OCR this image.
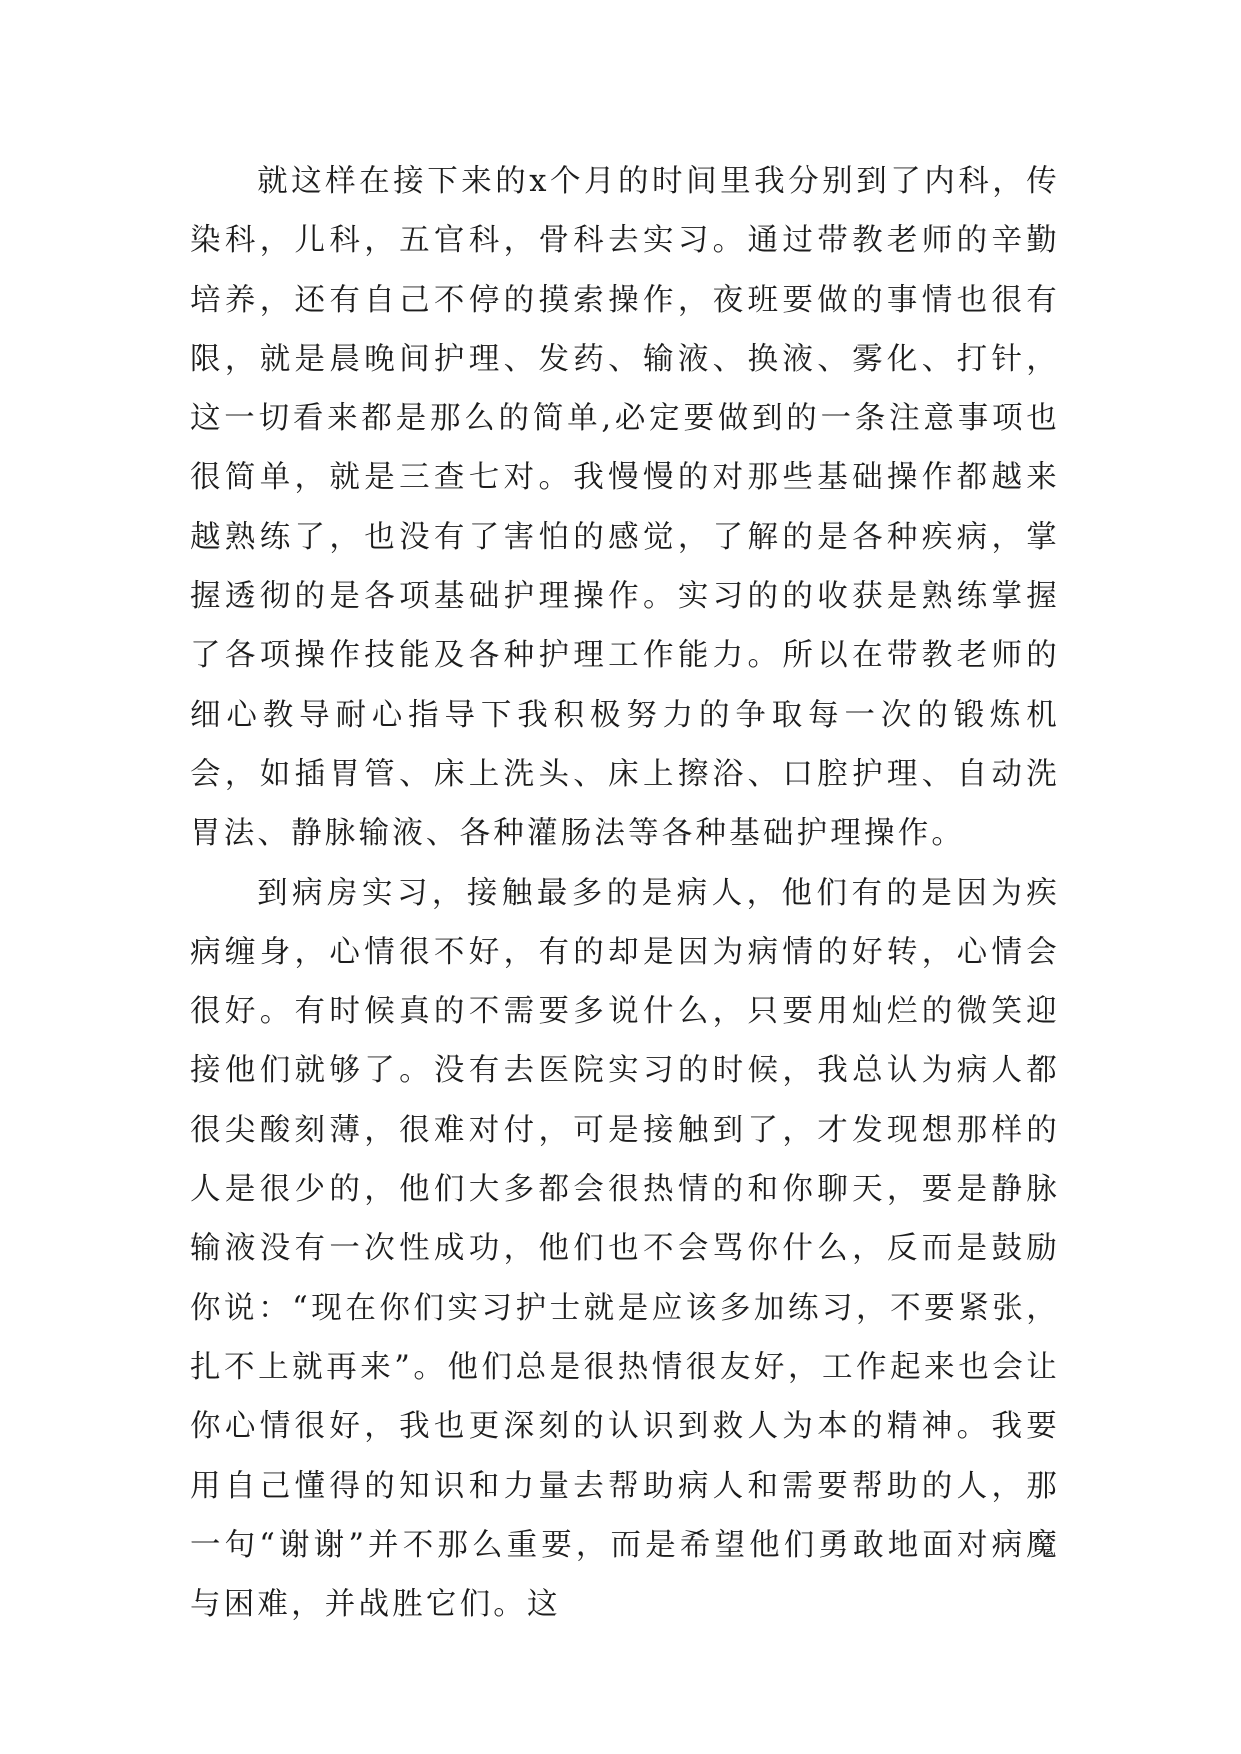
就这样在接下来的x个月的时间里我分别到了内科，传染科，儿科，五官科，骨科去实习。通过带教老师的辛勤培养，还有自己不停的摸索操作，夜班要做的事情也很有限，就是晨晚间护理、发药、输液、换液、雾化、打针，这一切看来都是那么的简单,必定要做到的一条注意事项也很简单，就是三查七对。我慢慢的对那些基础操作都越来越熟练了，也没有了害怕的感觉，了解的是各种疾病，掌握透彻的是各项基础护理操作。实习的的收获是熟练掌握了各项操作技能及各种护理工作能力。所以在带教老师的细心教导耐心指导下我积极努力的争取每一次的锻炼机会，如插胃管、床上洗头、床上擦浴、口腔护理、自动洗胃法、静脉输液、各种灌肠法等各种基础护理操作。

到病房实习，接触最多的是病人，他们有的是因为疾病缠身，心情很不好，有的却是因为病情的好转，心情会很好。有时候真的不需要多说什么，只要用灿烂的微笑迎接他们就够了。没有去医院实习的时候，我总认为病人都很尖酸刻薄，很难对付，可是接触到了，才发现想那样的人是很少的，他们大多都会很热情的和你聊天，要是静脉输液没有一次性成功，他们也不会骂你什么，反而是鼓励你说：“现在你们实习护士就是应该多加练习，不要紧张，扎不上就再来”。他们总是很热情很友好，工作起来也会让你心情很好，我也更深刻的认识到救人为本的精神。我要用自己懂得的知识和力量去帮助病人和需要帮助的人，那一句“谢谢”并不那么重要，而是希望他们勇敢地面对病魔与困难，并战胜它们。这
